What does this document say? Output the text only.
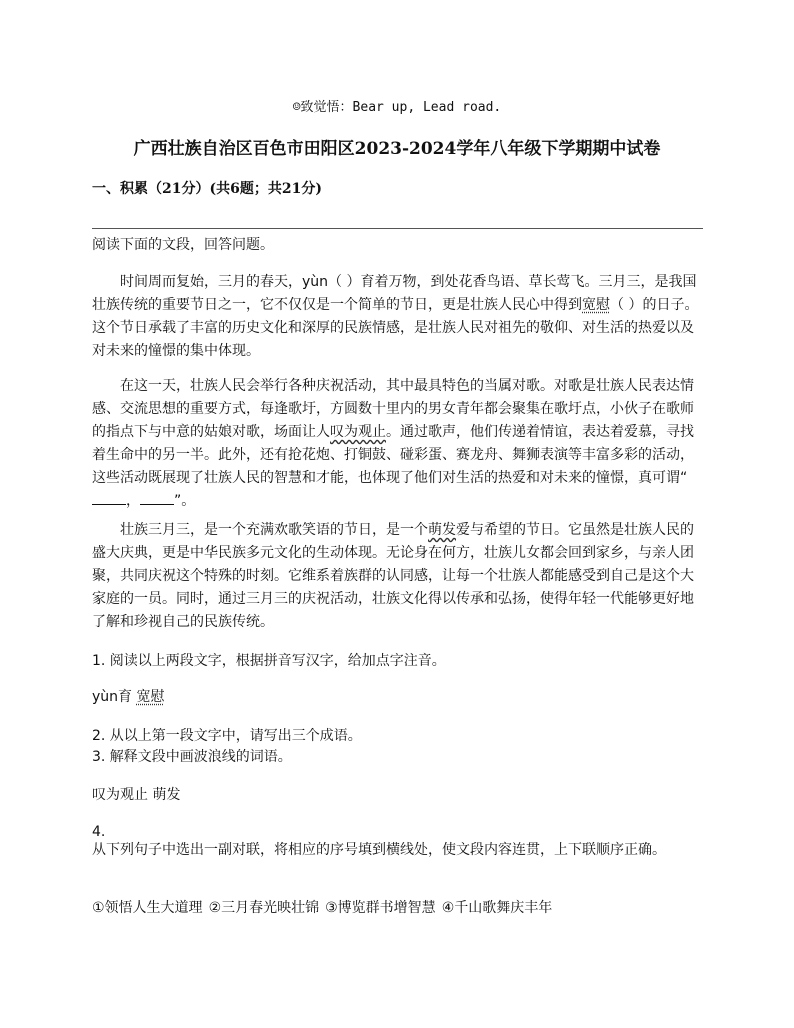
☺致觉悟：Bear up, Lead road.
广西壮族自治区百色市田阳区2023-2024学年八年级下学期期中试卷
一、积累（21分）(共6题；共21分)
阅读下面的文段，回答问题。

时间周而复始，三月的春天，yùn（ ）育着万物，到处花香鸟语、草长莺飞。三月三，是我国壮族传统的重要节日之一，它不仅仅是一个简单的节日，更是壮族人民心中得到宽慰（ ）的日子。这个节日承载了丰富的历史文化和深厚的民族情感，是壮族人民对祖先的敬仰、对生活的热爱以及对未来的憧憬的集中体现。

在这一天，壮族人民会举行各种庆祝活动，其中最具特色的当属对歌。对歌是壮族人民表达情感、交流思想的重要方式，每逢歌圩，方圆数十里内的男女青年都会聚集在歌圩点，小伙子在歌师的指点下与中意的姑娘对歌，场面让人叹为观止。通过歌声，他们传递着情谊，表达着爱慕，寻找着生命中的另一半。此外，还有抢花炮、打铜鼓、碰彩蛋、赛龙舟、舞狮表演等丰富多彩的活动，这些活动既展现了壮族人民的智慧和才能，也体现了他们对生活的热爱和对未来的憧憬，真可谓“， ”。

壮族三月三，是一个充满欢歌笑语的节日，是一个萌发爱与希望的节日。它虽然是壮族人民的盛大庆典，更是中华民族多元文化的生动体现。无论身在何方，壮族儿女都会回到家乡，与亲人团聚，共同庆祝这个特殊的时刻。它维系着族群的认同感，让每一个壮族人都能感受到自己是这个大家庭的一员。同时，通过三月三的庆祝活动，壮族文化得以传承和弘扬，使得年轻一代能够更好地了解和珍视自己的民族传统。

1. 阅读以上两段文字，根据拼音写汉字，给加点字注音。
yùn育 宽慰
2. 从以上第一段文字中，请写出三个成语。
3. 解释文段中画波浪线的词语。
叹为观止 萌发
4.
从下列句子中选出一副对联，将相应的序号填到横线处，使文段内容连贯，上下联顺序正确。
①领悟人生大道理 ②三月春光映壮锦 ③博览群书增智慧 ④千山歌舞庆丰年
